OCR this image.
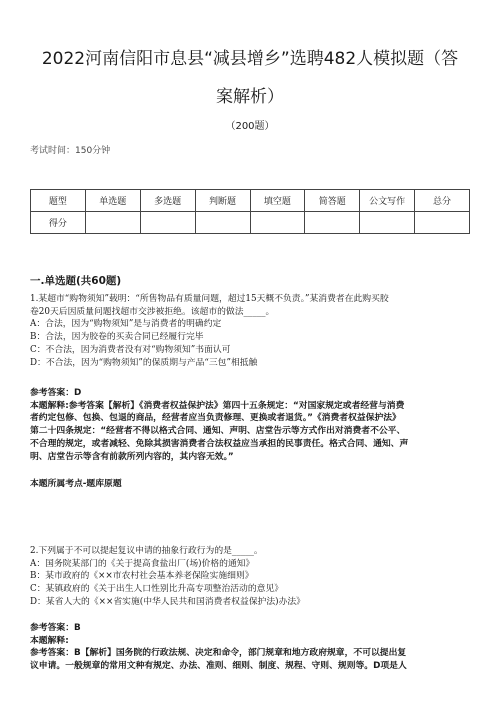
2022河南信阳市息县“减县增乡”选聘482人模拟题（答
案解析）
（200题）
考试时间：150分钟
题型	单选题	多选题	判断题	填空题	简答题	公文写作	总分
得分							
一.单选题(共60题)
1.某超市“购物须知”载明：“所售物品有质量问题，超过15天概不负责。”某消费者在此购买胶
卷20天后因质量问题找超市交涉被拒绝。该超市的做法_____。
A：合法，因为“购物须知”是与消费者的明确约定
B：合法，因为胶卷的买卖合同已经履行完毕
C：不合法，因为消费者没有对“购物须知”书面认可
D：不合法，因为“购物须知”的保质期与产品“三包”相抵触
参考答案：D
本题解释:参考答案【解析】《消费者权益保护法》第四十五条规定：“对国家规定或者经营与消费
者约定包修、包换、包退的商品，经营者应当负责修理、更换或者退货。”《消费者权益保护法》
第二十四条规定：“经营者不得以格式合同、通知、声明、店堂告示等方式作出对消费者不公平、
不合理的规定，或者减轻、免除其损害消费者合法权益应当承担的民事责任。格式合同、通知、声
明、店堂告示等含有前款所列内容的，其内容无效。”
本题所属考点-题库原题
2.下列属于不可以提起复议申请的抽象行政行为的是_____。
A：国务院某部门的《关于提高食盐出厂(场)价格的通知》
B：某市政府的《××市农村社会基本养老保险实施细则》
C：某镇政府的《关于出生人口性别比升高专项整治活动的意见》
D：某省人大的《××省实施(中华人民共和国消费者权益保护法)办法》
参考答案：B
本题解释:
参考答案：B【解析】国务院的行政法规、决定和命令，部门规章和地方政府规章，不可以提出复
议申请。一般规章的常用文种有规定、办法、准则、细则、制度、规程、守则、规则等。D项是人
